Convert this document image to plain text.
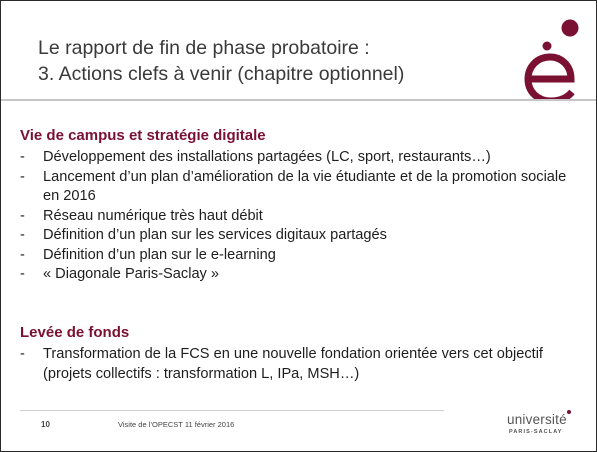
Le rapport de fin de phase probatoire :
3. Actions clefs à venir (chapitre optionnel)
Vie de campus et stratégie digitale
- Développement des installations partagées (LC, sport, restaurants…)
- Lancement d’un plan d’amélioration de la vie étudiante et de la promotion sociale en 2016
- Réseau numérique très haut débit
- Définition d’un plan sur les services digitaux partagés
- Définition d’un plan sur le e-learning
- « Diagonale Paris-Saclay »
Levée de fonds
- Transformation de la FCS en une nouvelle fondation orientée vers cet objectif (projets collectifs : transformation L, IPa, MSH…)
10	Visite de l’OPECST 11 février 2016	université
PARIS-SACLAY
